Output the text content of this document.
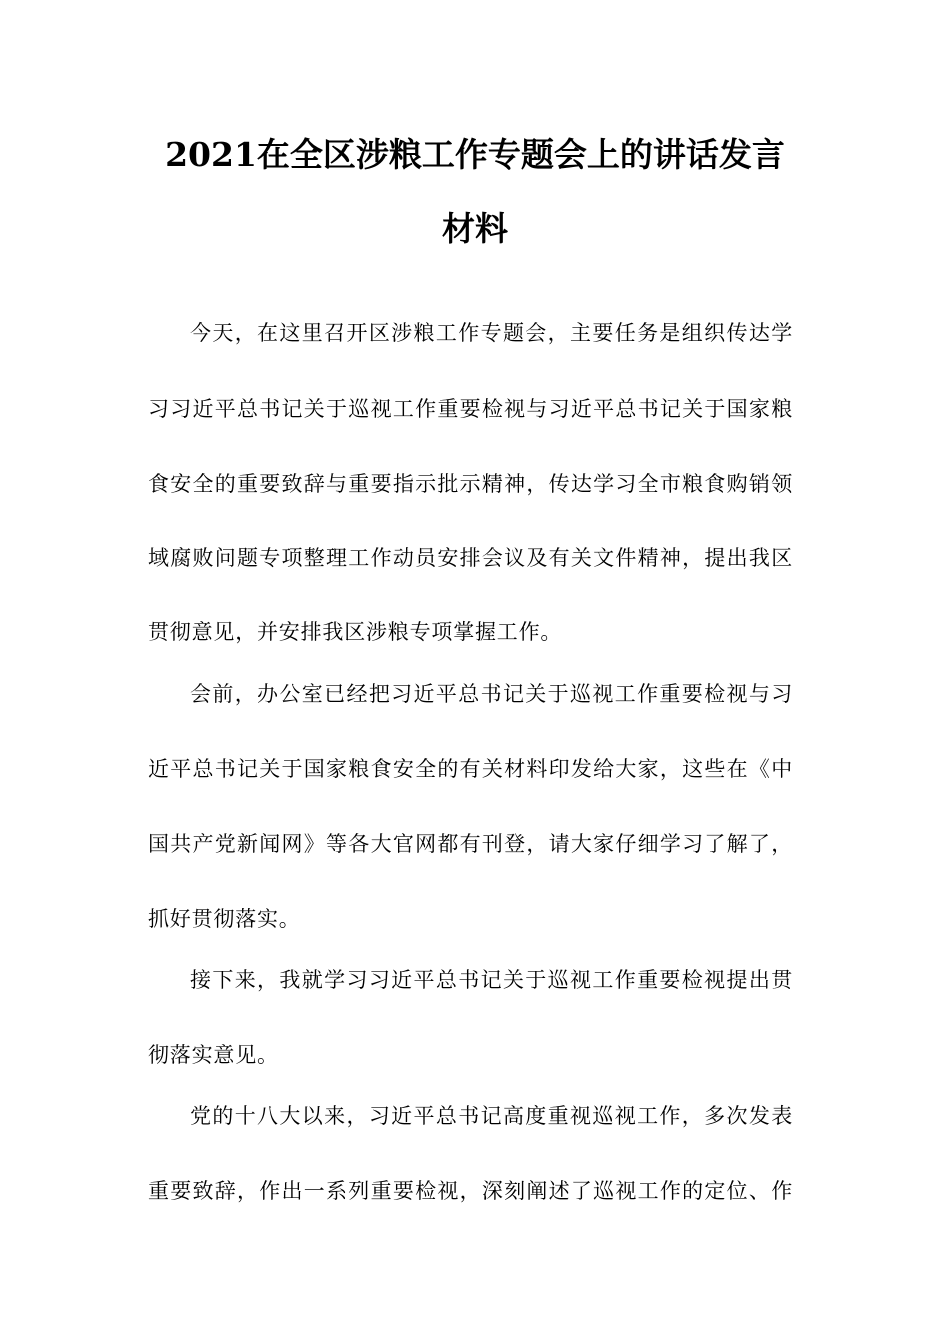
2021在全区涉粮工作专题会上的讲话发言
材料

今天，在这里召开区涉粮工作专题会，主要任务是组织传达学

习习近平总书记关于巡视工作重要检视与习近平总书记关于国家粮

食安全的重要致辞与重要指示批示精神，传达学习全市粮食购销领

域腐败问题专项整理工作动员安排会议及有关文件精神，提出我区

贯彻意见，并安排我区涉粮专项掌握工作。

会前，办公室已经把习近平总书记关于巡视工作重要检视与习

近平总书记关于国家粮食安全的有关材料印发给大家，这些在《中

国共产党新闻网》等各大官网都有刊登，请大家仔细学习了解了，

抓好贯彻落实。

接下来，我就学习习近平总书记关于巡视工作重要检视提出贯

彻落实意见。

党的十八大以来，习近平总书记高度重视巡视工作，多次发表

重要致辞，作出一系列重要检视，深刻阐述了巡视工作的定位、作
